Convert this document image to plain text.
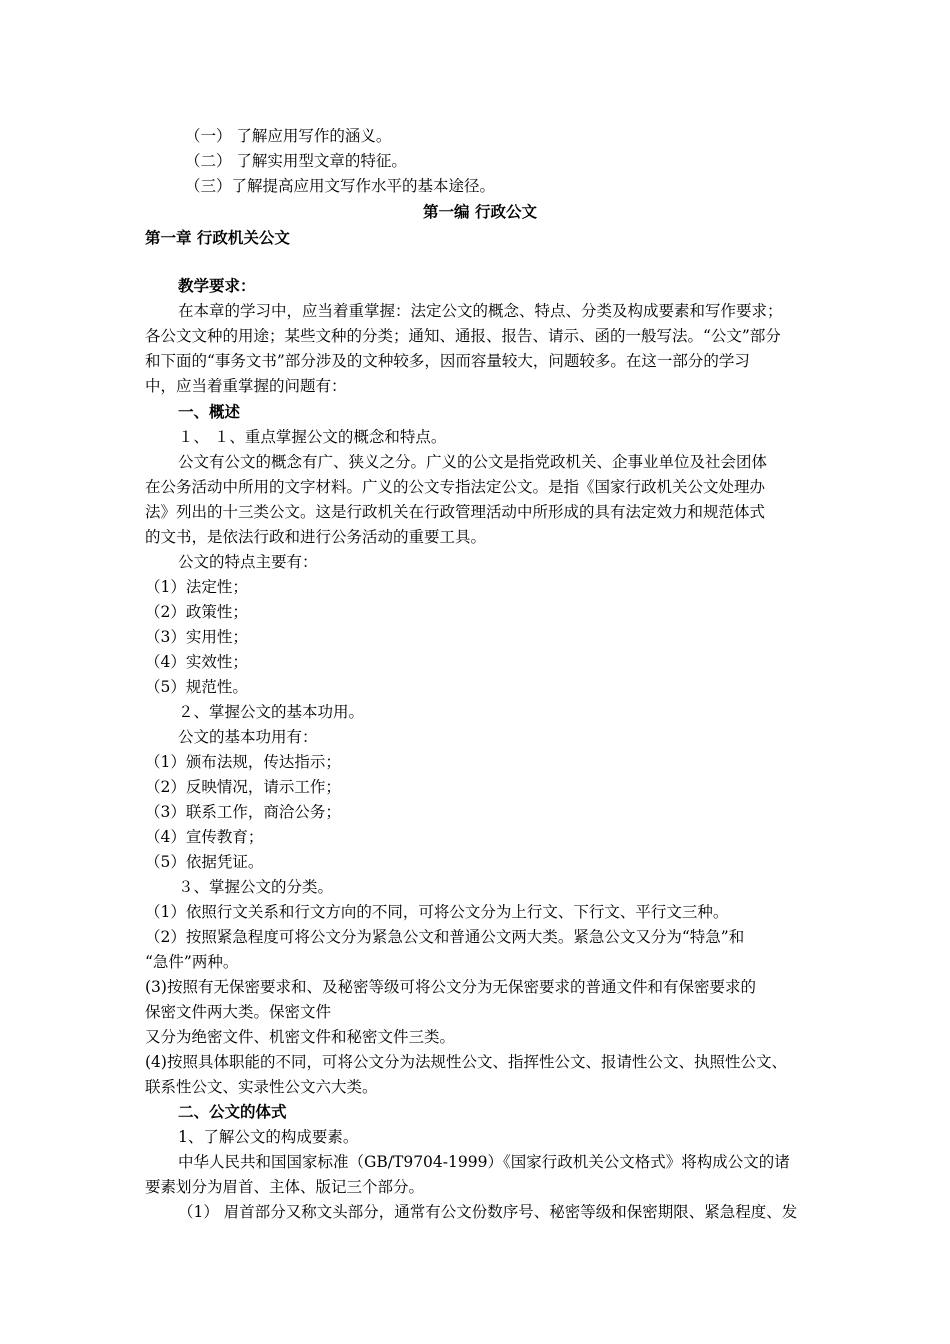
（一） 了解应用写作的涵义。
（二） 了解实用型文章的特征。
（三）了解提高应用文写作水平的基本途径。
第一编 行政公文
第一章 行政机关公文
教学要求：
在本章的学习中，应当着重掌握：法定公文的概念、特点、分类及构成要素和写作要求；
各公文文种的用途；某些文种的分类；通知、通报、报告、请示、函的一般写法。“公文”部分
和下面的“事务文书”部分涉及的文种较多，因而容量较大，问题较多。在这一部分的学习
中，应当着重掌握的问题有：
一、概述
１、 １、重点掌握公文的概念和特点。
公文有公文的概念有广、狭义之分。广义的公文是指党政机关、企事业单位及社会团体
在公务活动中所用的文字材料。广义的公文专指法定公文。是指《国家行政机关公文处理办
法》列出的十三类公文。这是行政机关在行政管理活动中所形成的具有法定效力和规范体式
的文书，是依法行政和进行公务活动的重要工具。
公文的特点主要有：
（1）法定性；
（2）政策性；
（3）实用性；
（4）实效性；
（5）规范性。
２、掌握公文的基本功用。
公文的基本功用有：
（1）颁布法规，传达指示；
（2）反映情况，请示工作；
（3）联系工作，商洽公务；
（4）宣传教育；
（5）依据凭证。
３、掌握公文的分类。
（1）依照行文关系和行文方向的不同，可将公文分为上行文、下行文、平行文三种。
（2）按照紧急程度可将公文分为紧急公文和普通公文两大类。紧急公文又分为“特急”和
“急件”两种。
(3)按照有无保密要求和、及秘密等级可将公文分为无保密要求的普通文件和有保密要求的
保密文件两大类。保密文件
又分为绝密文件、机密文件和秘密文件三类。
(4)按照具体职能的不同，可将公文分为法规性公文、指挥性公文、报请性公文、执照性公文、
联系性公文、实录性公文六大类。
二、公文的体式
1、了解公文的构成要素。
中华人民共和国国家标准（GB/T9704-1999）《国家行政机关公文格式》将构成公文的诸
要素划分为眉首、主体、版记三个部分。
（1） 眉首部分又称文头部分，通常有公文份数序号、秘密等级和保密期限、紧急程度、发
